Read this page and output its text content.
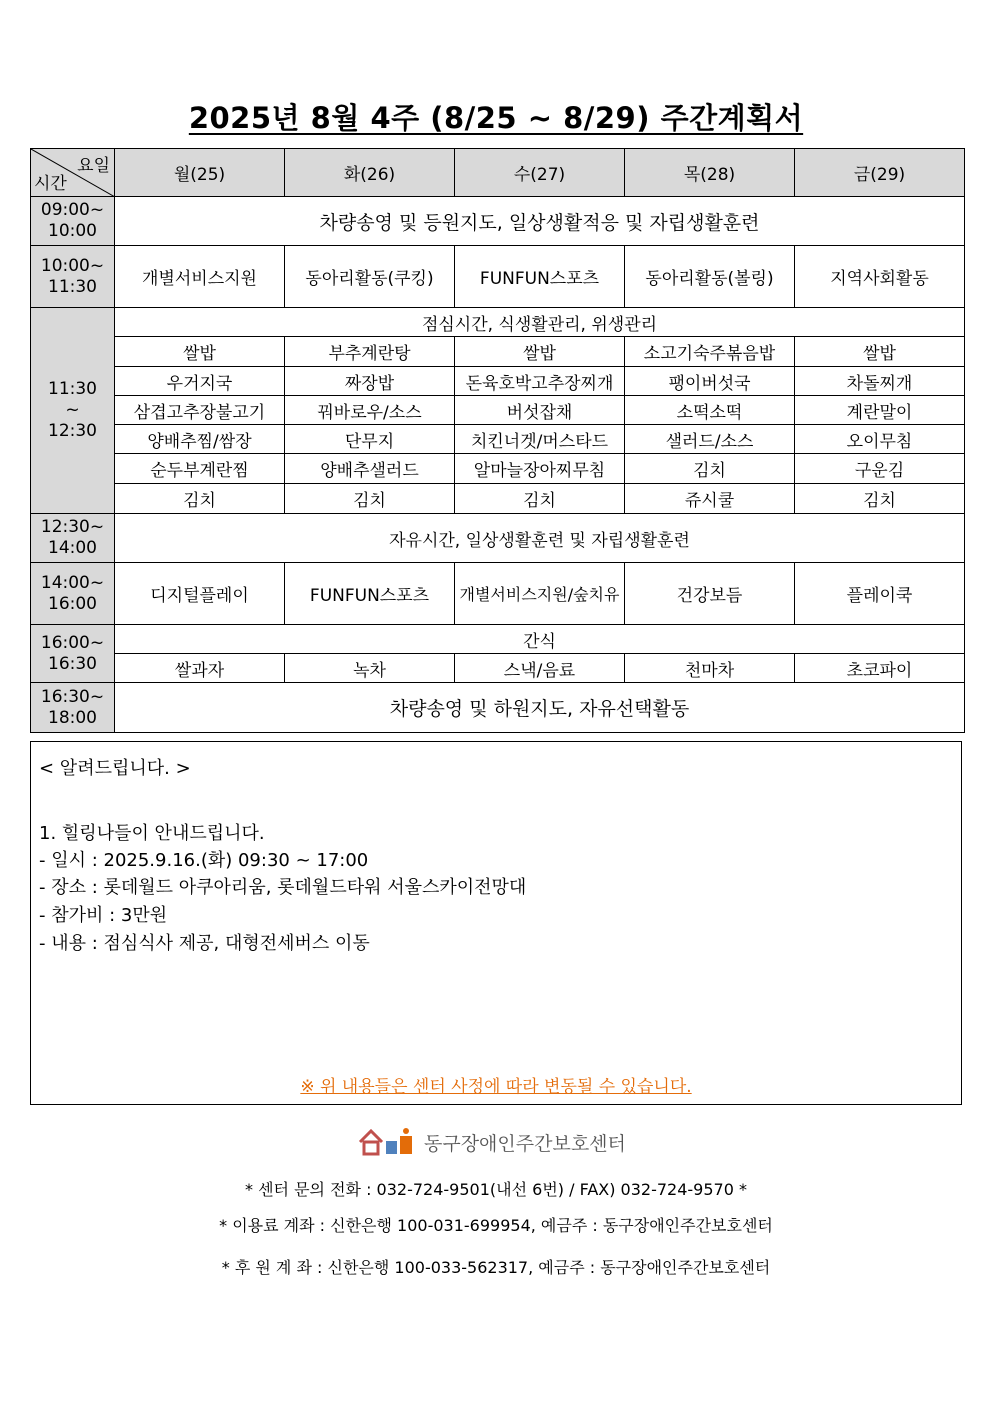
2025년 8월 4주 (8/25 ~ 8/29) 주간계획서
요일
시간	월(25)	화(26)	수(27)	목(28)	금(29)

09:00~
10:00	차량송영 및 등원지도, 일상생활적응 및 자립생활훈련				

10:00~
11:30	개별서비스지원	동아리활동(쿠킹)	FUNFUN스포츠	동아리활동(볼링)	지역사회활동

11:30
~
12:30	점심시간, 식생활관리, 위생관리				
	쌀밥	부추계란탕	쌀밥	소고기숙주볶음밥	쌀밥
	우거지국	짜장밥	돈육호박고추장찌개	팽이버섯국	차돌찌개
	삼겹고추장불고기	꿔바로우/소스	버섯잡채	소떡소떡	계란말이
	양배추찜/쌈장	단무지	치킨너겟/머스타드	샐러드/소스	오이무침
	순두부계란찜	양배추샐러드	알마늘장아찌무침	김치	구운김
	김치	김치	김치	쥬시쿨	김치

12:30~
14:00	자유시간, 일상생활훈련 및 자립생활훈련				

14:00~
16:00	디지털플레이	FUNFUN스포츠	개별서비스지원/숲치유	건강보듬	플레이쿡

16:00~
16:30	간식				
	쌀과자	녹차	스낵/음료	천마차	초코파이

16:30~
18:00	차량송영 및 하원지도, 자유선택활동				
< 알려드립니다. >
1. 힐링나들이 안내드립니다.
- 일시 : 2025.9.16.(화) 09:30 ~ 17:00
- 장소 : 롯데월드 아쿠아리움, 롯데월드타워 서울스카이전망대
- 참가비 : 3만원
- 내용 : 점심식사 제공, 대형전세버스 이동
※ 위 내용들은 센터 사정에 따라 변동될 수 있습니다.
동구장애인주간보호센터
* 센터 문의 전화 : 032-724-9501(내선 6번) / FAX) 032-724-9570 *
* 이용료 계좌 : 신한은행 100-031-699954, 예금주 : 동구장애인주간보호센터
* 후 원 계 좌 : 신한은행 100-033-562317, 예금주 : 동구장애인주간보호센터
